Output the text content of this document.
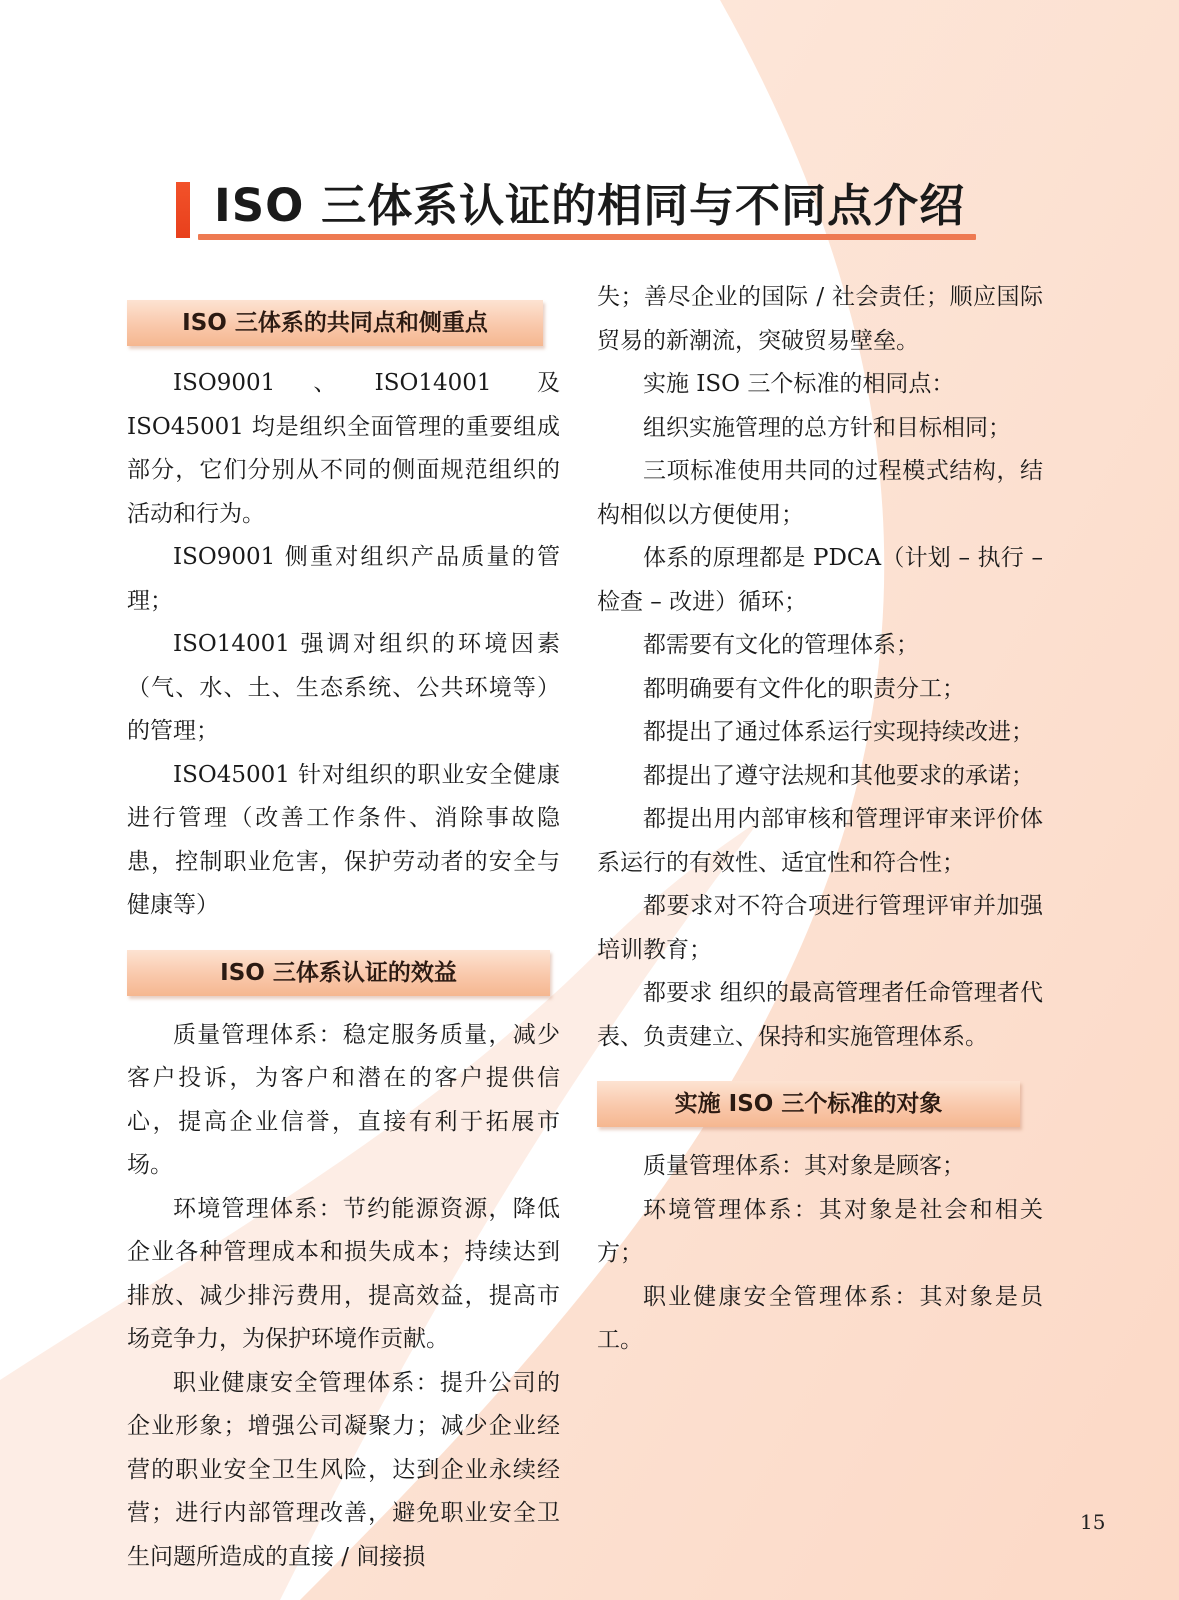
ISO 三体系认证的相同与不同点介绍
ISO 三体系的共同点和侧重点

ISO9001、ISO14001 及 ISO45001 均是组织全面管理的重要组成部分，它们分别从不同的侧面规范组织的活动和行为。

ISO9001 侧重对组织产品质量的管理；

ISO14001 强调对组织的环境因素（气、水、土、生态系统、公共环境等）的管理；

ISO45001 针对组织的职业安全健康进行管理（改善工作条件、消除事故隐患，控制职业危害，保护劳动者的安全与健康等）

ISO 三体系认证的效益

质量管理体系：稳定服务质量，减少客户投诉，为客户和潜在的客户提供信心，提高企业信誉，直接有利于拓展市场。

环境管理体系：节约能源资源，降低企业各种管理成本和损失成本；持续达到排放、减少排污费用，提高效益，提高市场竞争力，为保护环境作贡献。

职业健康安全管理体系：提升公司的企业形象；增强公司凝聚力；减少企业经营的职业安全卫生风险，达到企业永续经营；进行内部管理改善，避免职业安全卫生问题所造成的直接 / 间接损

失；善尽企业的国际 / 社会责任；顺应国际贸易的新潮流，突破贸易壁垒。

实施 ISO 三个标准的相同点：

组织实施管理的总方针和目标相同；

三项标准使用共同的过程模式结构，结构相似以方便使用；

体系的原理都是 PDCA（计划 – 执行 – 检查 – 改进）循环；

都需要有文化的管理体系；

都明确要有文件化的职责分工；

都提出了通过体系运行实现持续改进；

都提出了遵守法规和其他要求的承诺；

都提出用内部审核和管理评审来评价体系运行的有效性、适宜性和符合性；

都要求对不符合项进行管理评审并加强培训教育；

都要求 组织的最高管理者任命管理者代表、负责建立、保持和实施管理体系。

实施 ISO 三个标准的对象

质量管理体系：其对象是顾客；

环境管理体系：其对象是社会和相关方；

职业健康安全管理体系：其对象是员工。

15
